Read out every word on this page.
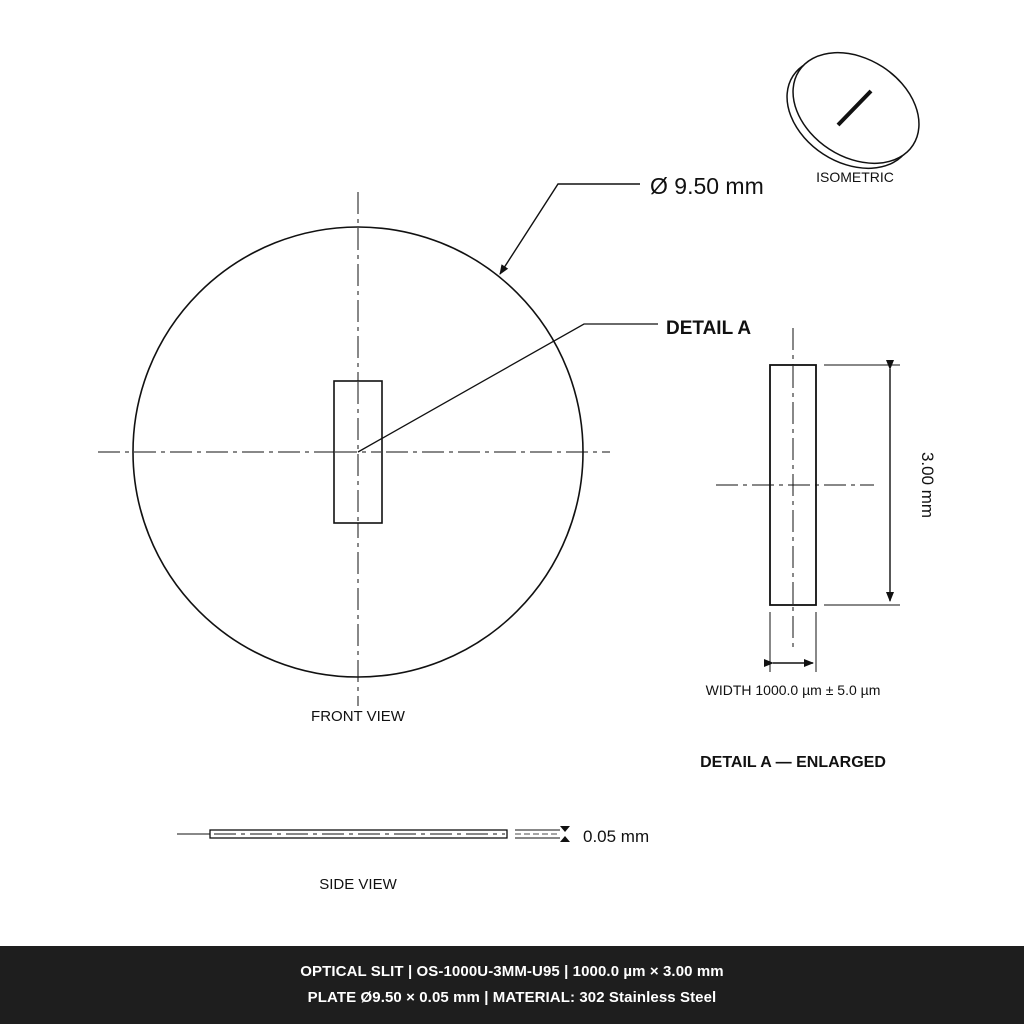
FRONT VIEW
Ø 9.50 mm
DETAIL A
ISOMETRIC
3.00 mm
WIDTH 1000.0 µm ± 5.0 µm
DETAIL A — ENLARGED
0.05 mm
SIDE VIEW
OPTICAL SLIT | OS-1000U-3MM-U95 | 1000.0 µm × 3.00 mm
PLATE Ø9.50 × 0.05 mm | MATERIAL: 302 Stainless Steel
